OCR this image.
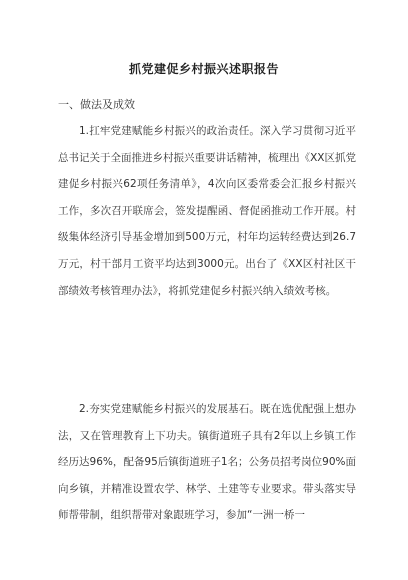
抓党建促乡村振兴述职报告
一、做法及成效

1.扛牢党建赋能乡村振兴的政治责任。深入学习贯彻习近平总书记关于全面推进乡村振兴重要讲话精神，梳理出《XX区抓党建促乡村振兴62项任务清单》，4次向区委常委会汇报乡村振兴工作，多次召开联席会，签发提醒函、督促函推动工作开展。村级集体经济引导基金增加到500万元，村年均运转经费达到26.7万元，村干部月工资平均达到3000元。出台了《XX区村社区干部绩效考核管理办法》，将抓党建促乡村振兴纳入绩效考核。

2.夯实党建赋能乡村振兴的发展基石。既在选优配强上想办法，又在管理教育上下功夫。镇街道班子具有2年以上乡镇工作经历达96%，配备95后镇街道班子1名；公务员招考岗位90%面向乡镇，并精准设置农学、林学、土建等专业要求。带头落实导师帮带制，组织帮带对象跟班学习，参加“一洲一桥一
